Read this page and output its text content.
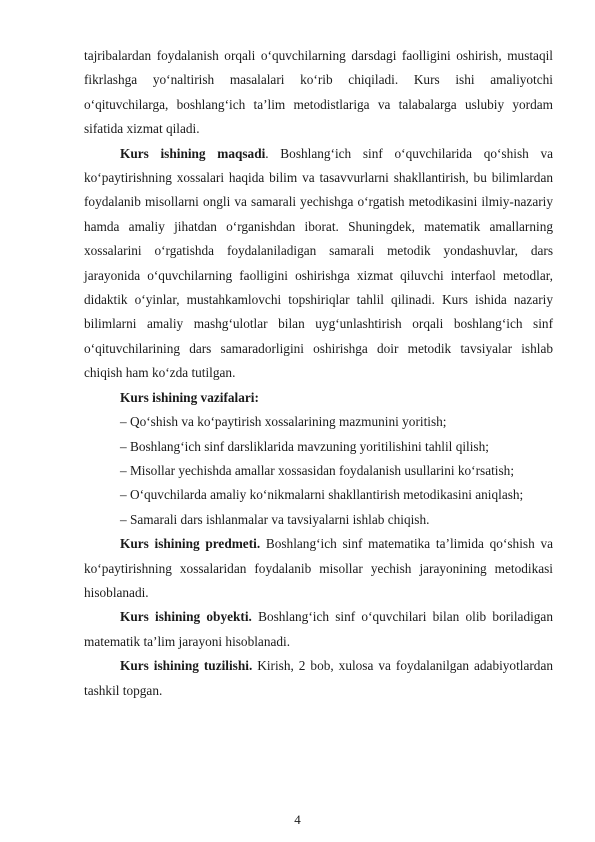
tajribalardan foydalanish orqali o‘quvchilarning darsdagi faolligini oshirish, mustaqil fikrlashga yo‘naltirish masalalari ko‘rib chiqiladi. Kurs ishi amaliyotchi o‘qituvchilarga, boshlang‘ich ta’lim metodistlariga va talabalarga uslubiy yordam sifatida xizmat qiladi.

Kurs ishining maqsadi. Boshlang‘ich sinf o‘quvchilarida qo‘shish va ko‘paytirishning xossalari haqida bilim va tasavvurlarni shakllantirish, bu bilimlardan foydalanib misollarni ongli va samarali yechishga o‘rgatish metodikasini ilmiy-nazariy hamda amaliy jihatdan o‘rganishdan iborat. Shuningdek, matematik amallarning xossalarini o‘rgatishda foydalaniladigan samarali metodik yondashuvlar, dars jarayonida o‘quvchilarning faolligini oshirishga xizmat qiluvchi interfaol metodlar, didaktik o‘yinlar, mustahkamlovchi topshiriqlar tahlil qilinadi. Kurs ishida nazariy bilimlarni amaliy mashg‘ulotlar bilan uyg‘unlashtirish orqali boshlang‘ich sinf o‘qituvchilarining dars samaradorligini oshirishga doir metodik tavsiyalar ishlab chiqish ham ko‘zda tutilgan.

Kurs ishining vazifalari:

– Qo‘shish va ko‘paytirish xossalarining mazmunini yoritish;

– Boshlang‘ich sinf darsliklarida mavzuning yoritilishini tahlil qilish;

– Misollar yechishda amallar xossasidan foydalanish usullarini ko‘rsatish;

– O‘quvchilarda amaliy ko‘nikmalarni shakllantirish metodikasini aniqlash;

– Samarali dars ishlanmalar va tavsiyalarni ishlab chiqish.

Kurs ishining predmeti. Boshlang‘ich sinf matematika ta’limida qo‘shish va ko‘paytirishning xossalaridan foydalanib misollar yechish jarayonining metodikasi hisoblanadi.

Kurs ishining obyekti. Boshlang‘ich sinf o‘quvchilari bilan olib boriladigan matematik ta’lim jarayoni hisoblanadi.

Kurs ishining tuzilishi. Kirish, 2 bob, xulosa va foydalanilgan adabiyotlardan tashkil topgan.

4
